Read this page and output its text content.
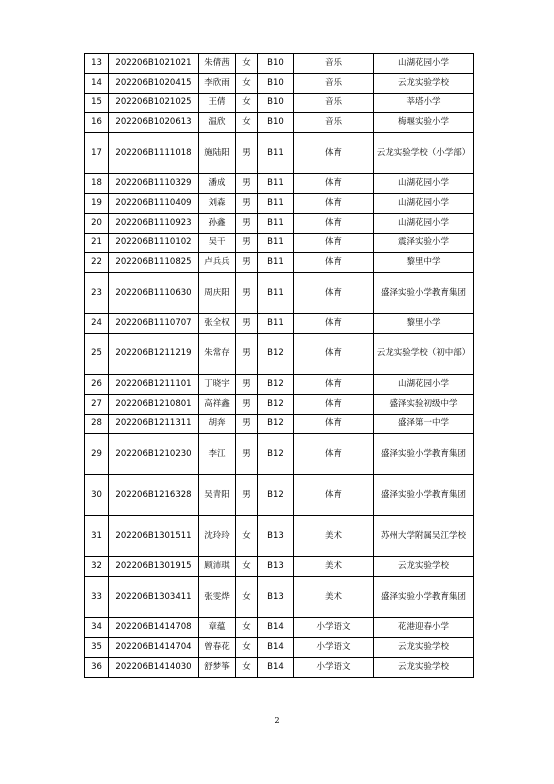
13	202206B1021021	朱倩茜	女	B10	音乐	山湖花园小学
14	202206B1020415	李欣雨	女	B10	音乐	云龙实验学校
15	202206B1021025	王倩	女	B10	音乐	莘塔小学
16	202206B1020613	温欣	女	B10	音乐	梅堰实验小学
17	202206B1111018	施陆阳	男	B11	体育	云龙实验学校（小学部）
18	202206B1110329	潘成	男	B11	体育	山湖花园小学
19	202206B1110409	刘森	男	B11	体育	山湖花园小学
20	202206B1110923	孙鑫	男	B11	体育	山湖花园小学
21	202206B1110102	吴干	男	B11	体育	震泽实验小学
22	202206B1110825	卢兵兵	男	B11	体育	黎里中学
23	202206B1110630	周庆阳	男	B11	体育	盛泽实验小学教育集团
24	202206B1110707	张全权	男	B11	体育	黎里小学
25	202206B1211219	朱常存	男	B12	体育	云龙实验学校（初中部）
26	202206B1211101	丁晓宇	男	B12	体育	山湖花园小学
27	202206B1210801	高祥鑫	男	B12	体育	盛泽实验初级中学
28	202206B1211311	胡奔	男	B12	体育	盛泽第一中学
29	202206B1210230	李江	男	B12	体育	盛泽实验小学教育集团
30	202206B1216328	吴青阳	男	B12	体育	盛泽实验小学教育集团
31	202206B1301511	沈玲玲	女	B13	美术	苏州大学附属吴江学校
32	202206B1301915	顾沛琪	女	B13	美术	云龙实验学校
33	202206B1303411	张雯烨	女	B13	美术	盛泽实验小学教育集团
34	202206B1414708	章蕴	女	B14	小学语文	花港迎春小学
35	202206B1414704	曾春花	女	B14	小学语文	云龙实验学校
36	202206B1414030	舒梦筝	女	B14	小学语文	云龙实验学校
2
